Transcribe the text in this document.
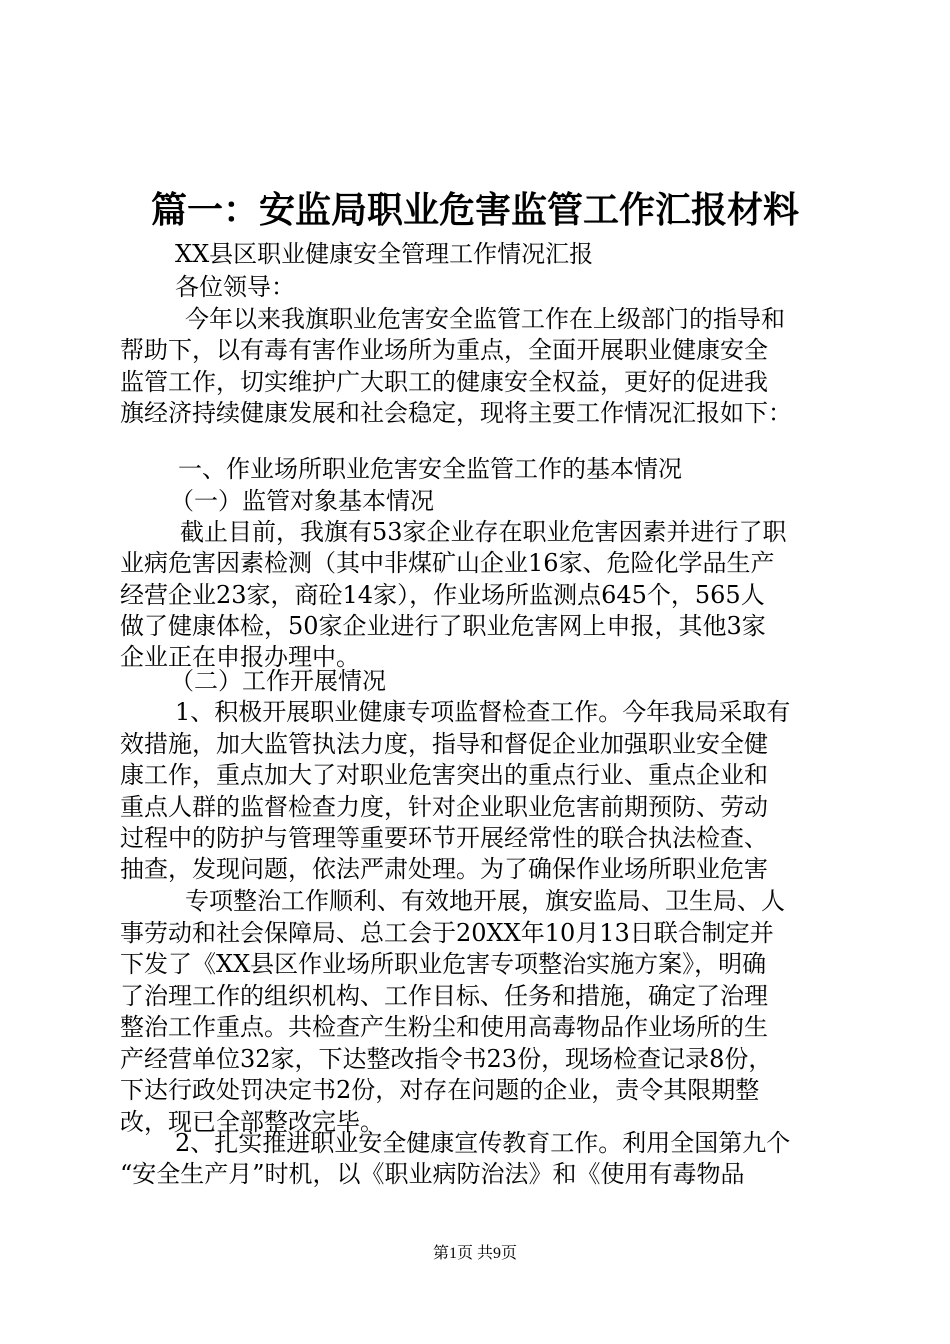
篇一：安监局职业危害监管工作汇报材料
XX县区职业健康安全管理工作情况汇报
各位领导：
今年以来我旗职业危害安全监管工作在上级部门的指导和
帮助下，以有毒有害作业场所为重点，全面开展职业健康安全
监管工作，切实维护广大职工的健康安全权益，更好的促进我
旗经济持续健康发展和社会稳定，现将主要工作情况汇报如下：
一、作业场所职业危害安全监管工作的基本情况
（一）监管对象基本情况
截止目前，我旗有53家企业存在职业危害因素并进行了职
业病危害因素检测（其中非煤矿山企业16家、危险化学品生产
经营企业23家，商砼14家），作业场所监测点645个，565人
做了健康体检，50家企业进行了职业危害网上申报，其他3家
企业正在申报办理中。
（二）工作开展情况
1、积极开展职业健康专项监督检查工作。今年我局采取有
效措施，加大监管执法力度，指导和督促企业加强职业安全健
康工作，重点加大了对职业危害突出的重点行业、重点企业和
重点人群的监督检查力度，针对企业职业危害前期预防、劳动
过程中的防护与管理等重要环节开展经常性的联合执法检查、
抽查，发现问题，依法严肃处理。为了确保作业场所职业危害
专项整治工作顺利、有效地开展，旗安监局、卫生局、人
事劳动和社会保障局、总工会于20XX年10月13日联合制定并
下发了《XX县区作业场所职业危害专项整治实施方案》，明确
了治理工作的组织机构、工作目标、任务和措施，确定了治理
整治工作重点。共检查产生粉尘和使用高毒物品作业场所的生
产经营单位32家，下达整改指令书23份，现场检查记录8份，
下达行政处罚决定书2份，对存在问题的企业，责令其限期整
改，现已全部整改完毕。
2、扎实推进职业安全健康宣传教育工作。利用全国第九个
“安全生产月”时机，以《职业病防治法》和《使用有毒物品
第1页 共9页
